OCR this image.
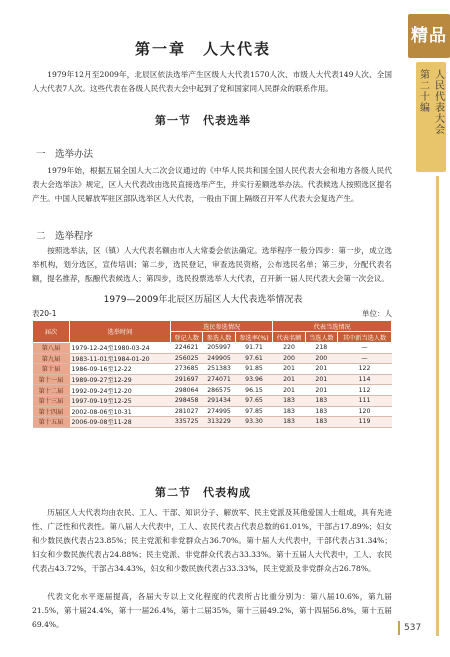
精品
第二十编
人民代表大会
第一章　人大代表

1979年12月至2009年，北辰区依法选举产生区级人大代表1570人次、市级人大代表149人次、全国人大代表7人次。这些代表在各级人民代表大会中起到了党和国家同人民群众的联系作用。

第一节　代表选举
一　选举办法

1979年始，根据五届全国人大二次会议通过的《中华人民共和国全国人民代表大会和地方各级人民代表大会选举法》规定，区人大代表改由选民直接选举产生，并实行差额选举办法。代表候选人按照选区提名产生。中国人民解放军驻区部队选举区人大代表，一般由下面上隔级召开军人代表大会复选产生。

二　选举程序

按照选举法，区（镇）人大代表名额由市人大常委会依法确定。选举程序一般分四步：第一步，成立选举机构，划分选区，宣传培训；第二步，选民登记，审查选民资格，公布选民名单；第三步，分配代表名额，提名推荐，酝酿代表候选人；第四步，选民投票选举人大代表，召开新一届人民代表大会第一次会议。

1979—2009年北辰区历届区人大代表选举情况表
表20-1	单位：人
届次	选举时间	选民参选情况			代表当选情况		
		登记人数	参选人数	参选率(%)	代表名额	当选人数	其中新当选人数
第八届	1979-12-24至1980-03-24	224621	205997	91.71	220	218	—
第九届	1983-11-01至1984-01-20	256025	249905	97.61	200	200	—
第十届	1986-09-16至12-22	273685	251383	91.85	201	201	122
第十一届	1989-09-27至12-29	291697	274071	93.96	201	201	114
第十二届	1992-09-24至12-20	298064	286575	96.15	201	201	112
第十三届	1997-09-19至12-25	298458	291434	97.65	183	183	111
第十四届	2002-08-06至10-31	281027	274995	97.85	183	183	120
第十五届	2006-09-08至11-28	335725	313229	93.30	183	183	119
第二节　代表构成

历届区人大代表均由农民、工人、干部、知识分子、解放军、民主党派及其他爱国人士组成，具有先进性、广泛性和代表性。第八届人大代表中，工人、农民代表占代表总数的61.01%，干部占17.89%；妇女和少数民族代表占23.85%；民主党派和非党群众占36.70%。第十届人大代表中，干部代表占31.34%；妇女和少数民族代表占24.88%；民主党派、非党群众代表占33.33%。第十五届人大代表中，工人、农民代表占43.72%，干部占34.43%，妇女和少数民族代表占33.33%，民主党派及非党群众占26.78%。

代表文化水平逐届提高，各届大专以上文化程度的代表所占比重分别为：第八届10.6%，第九届21.5%，第十届24.4%，第十一届26.4%，第十二届35%，第十三届49.2%，第十四届56.8%，第十五届69.4%。	537
